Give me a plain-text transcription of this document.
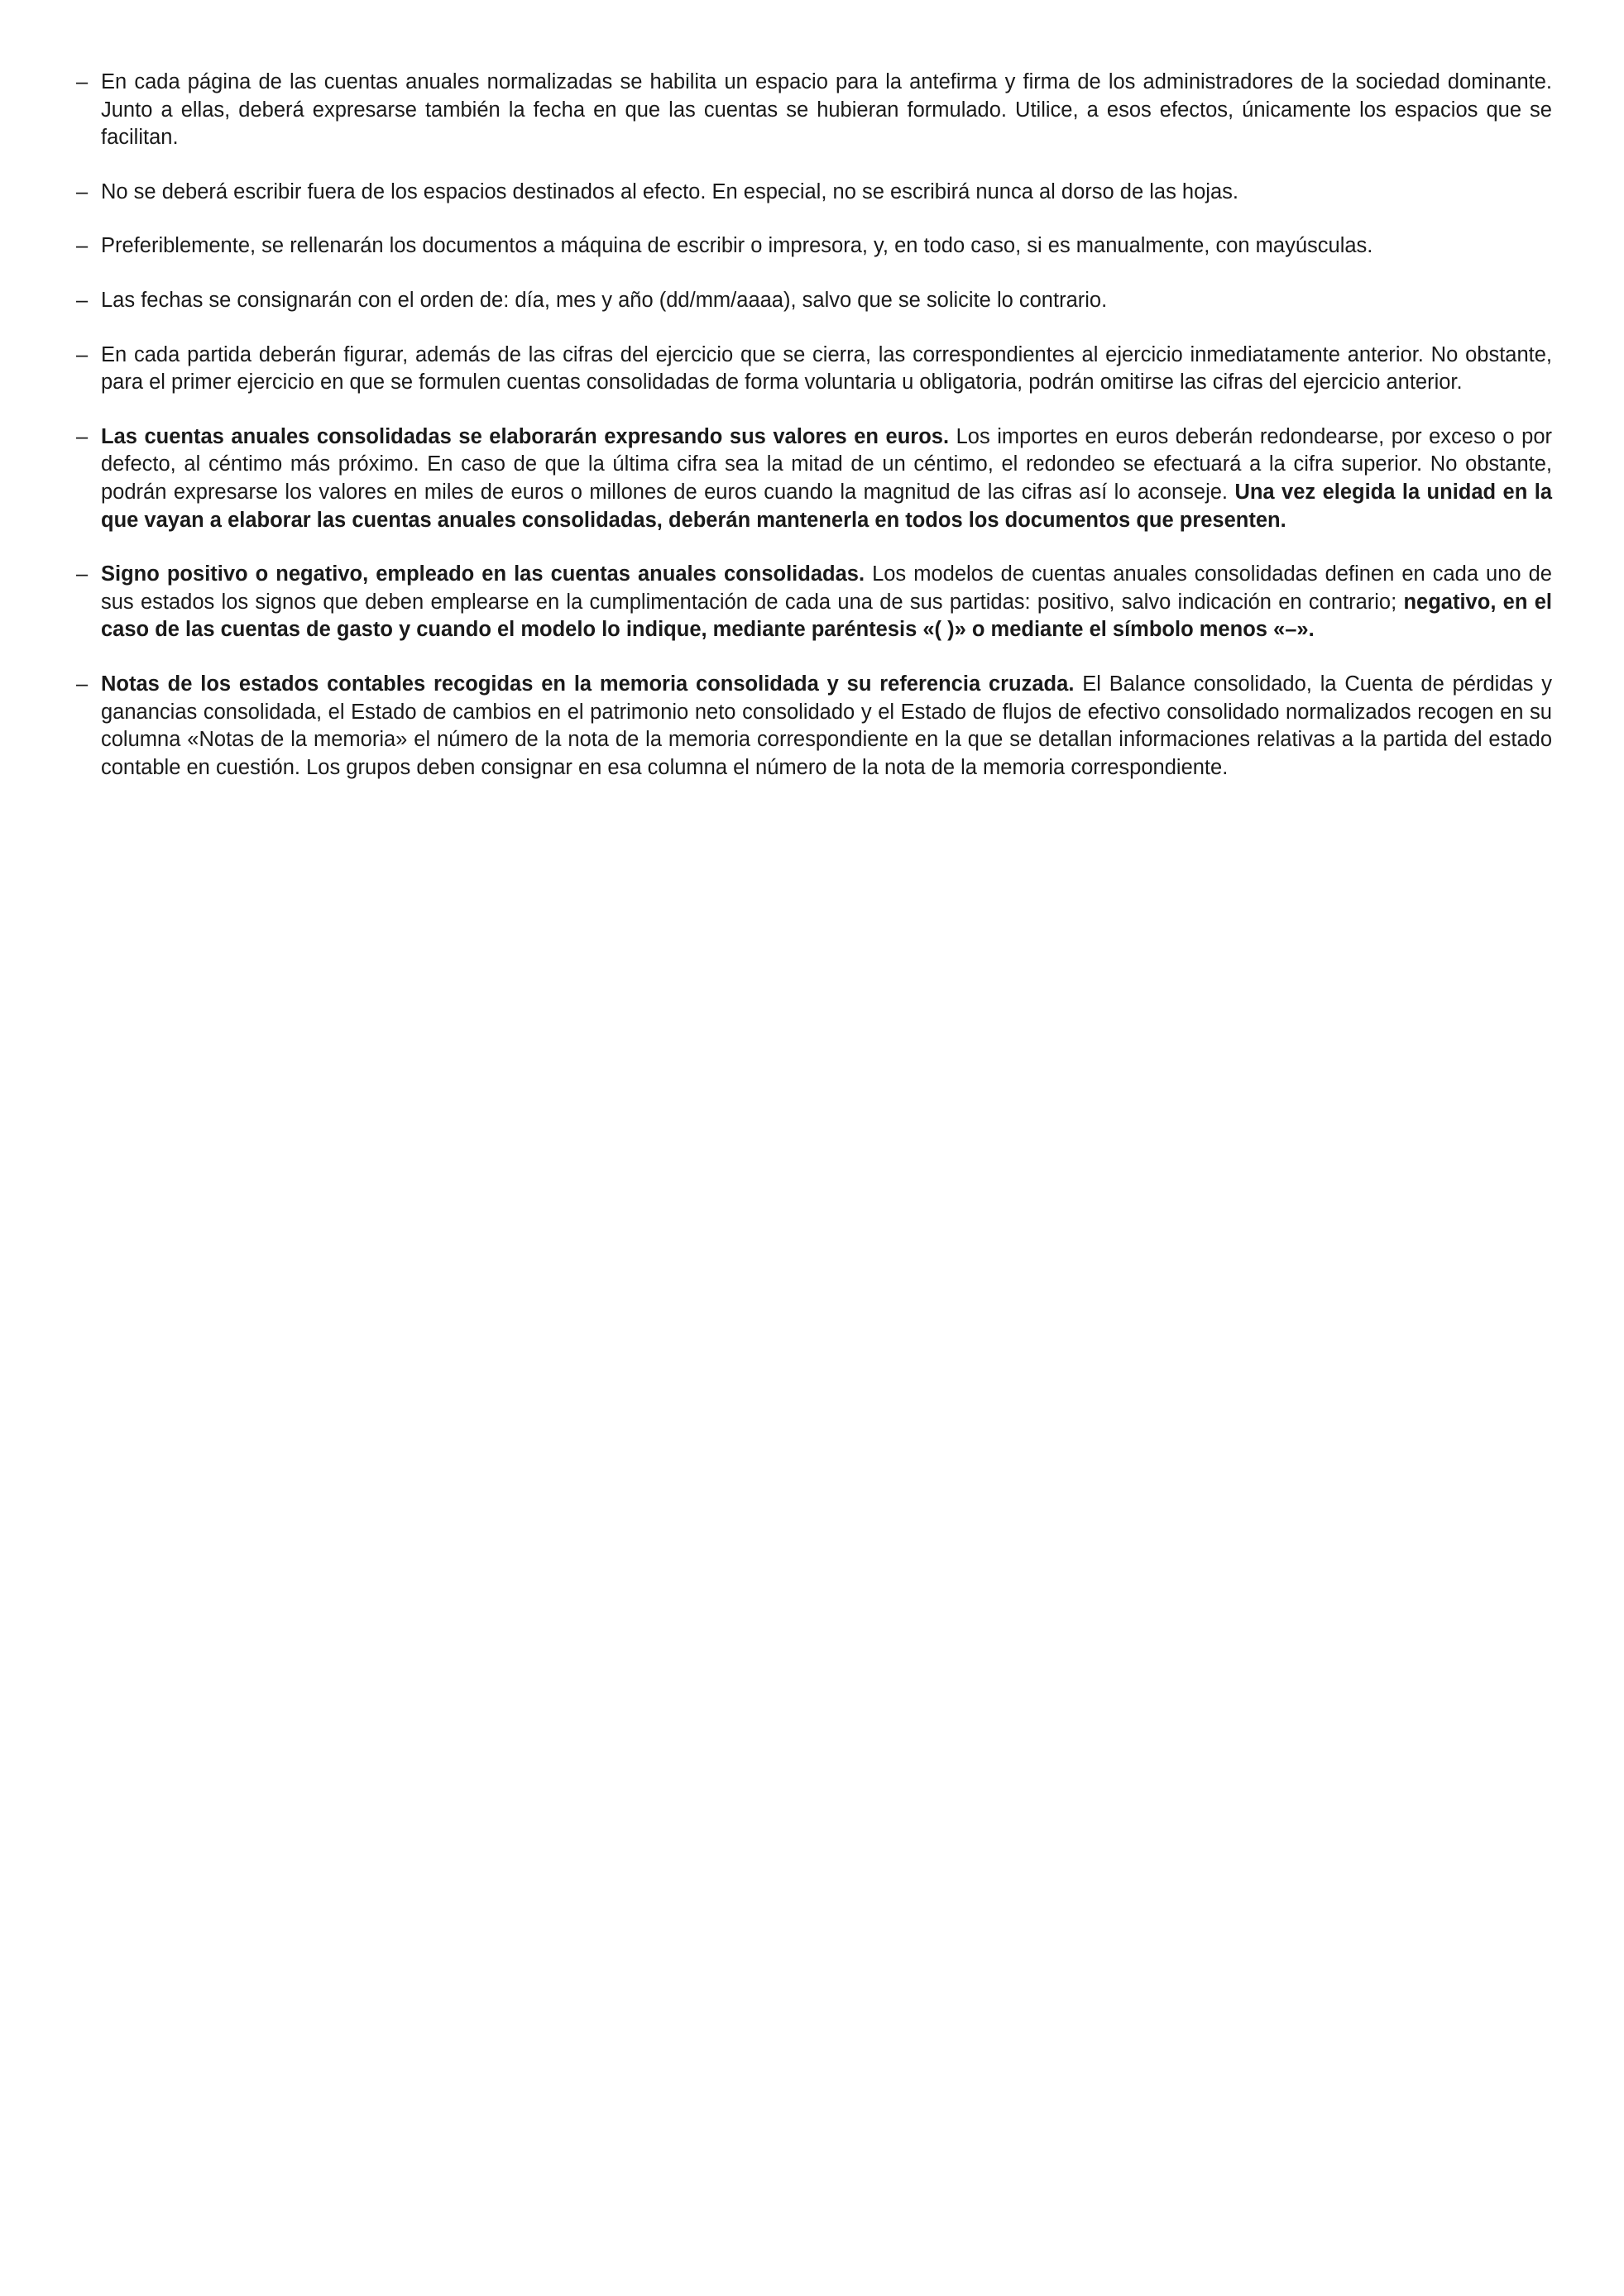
– En cada página de las cuentas anuales normalizadas se habilita un espacio para la antefirma y firma de los administradores de la sociedad dominante. Junto a ellas, deberá expresarse también la fecha en que las cuentas se hubieran formulado. Utilice, a esos efectos, únicamente los espacios que se facilitan.
– No se deberá escribir fuera de los espacios destinados al efecto. En especial, no se escribirá nunca al dorso de las hojas.
– Preferiblemente, se rellenarán los documentos a máquina de escribir o impresora, y, en todo caso, si es manualmente, con mayúsculas.
– Las fechas se consignarán con el orden de: día, mes y año (dd/mm/aaaa), salvo que se solicite lo contrario.
– En cada partida deberán figurar, además de las cifras del ejercicio que se cierra, las correspondientes al ejercicio inmediatamente anterior. No obstante, para el primer ejercicio en que se formulen cuentas consolidadas de forma voluntaria u obligatoria, podrán omitirse las cifras del ejercicio anterior.
– Las cuentas anuales consolidadas se elaborarán expresando sus valores en euros. Los importes en euros deberán redondearse, por exceso o por defecto, al céntimo más próximo. En caso de que la última cifra sea la mitad de un céntimo, el redondeo se efectuará a la cifra superior. No obstante, podrán expresarse los valores en miles de euros o millones de euros cuando la magnitud de las cifras así lo aconseje. Una vez elegida la unidad en la que vayan a elaborar las cuentas anuales consolidadas, deberán mantenerla en todos los documentos que presenten.
– Signo positivo o negativo, empleado en las cuentas anuales consolidadas. Los modelos de cuentas anuales consolidadas definen en cada uno de sus estados los signos que deben emplearse en la cumplimentación de cada una de sus partidas: positivo, salvo indicación en contrario; negativo, en el caso de las cuentas de gasto y cuando el modelo lo indique, mediante paréntesis «( )» o mediante el símbolo menos «–».
– Notas de los estados contables recogidas en la memoria consolidada y su referencia cruzada. El Balance consolidado, la Cuenta de pérdidas y ganancias consolidada, el Estado de cambios en el patrimonio neto consolidado y el Estado de flujos de efectivo consolidado normalizados recogen en su columna «Notas de la memoria» el número de la nota de la memoria correspondiente en la que se detallan informaciones relativas a la partida del estado contable en cuestión. Los grupos deben consignar en esa columna el número de la nota de la memoria correspondiente.
